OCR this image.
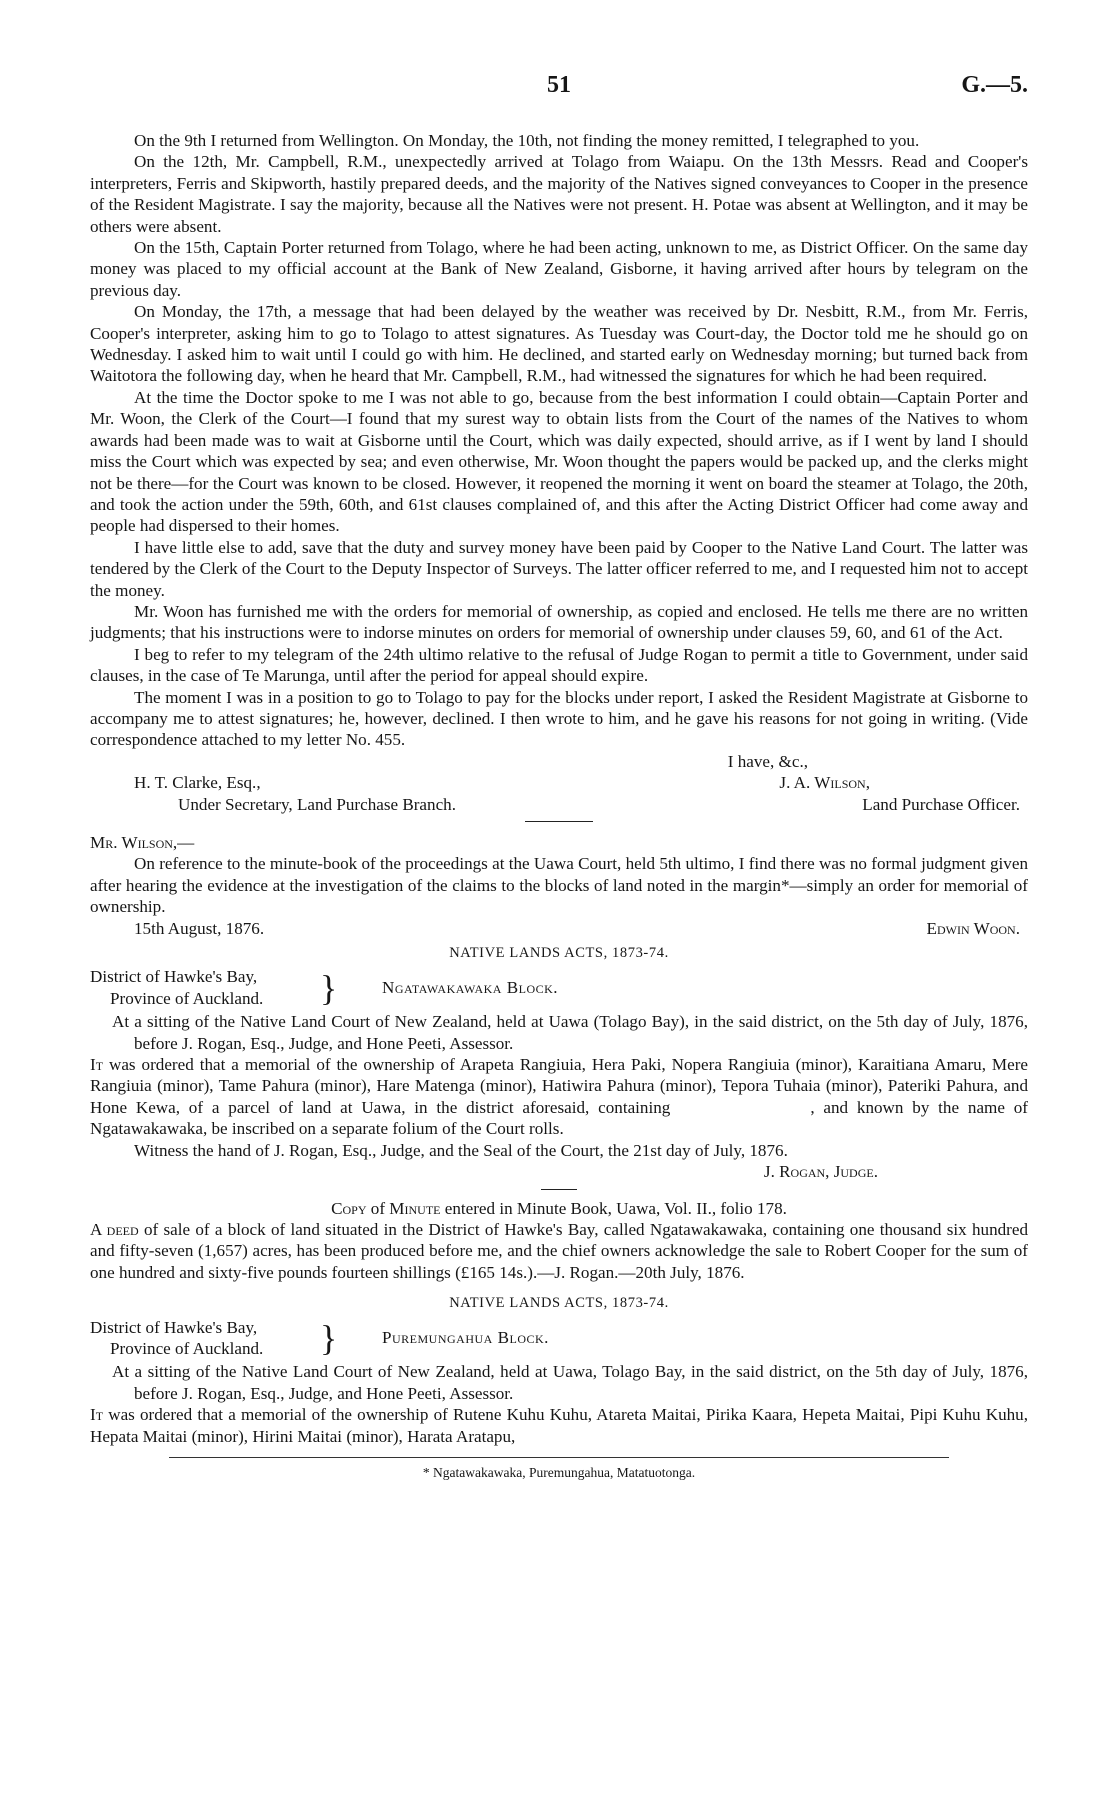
51	G.—5.

On the 9th I returned from Wellington. On Monday, the 10th, not finding the money remitted, I telegraphed to you.

On the 12th, Mr. Campbell, R.M., unexpectedly arrived at Tolago from Waiapu. On the 13th Messrs. Read and Cooper's interpreters, Ferris and Skipworth, hastily prepared deeds, and the majority of the Natives signed conveyances to Cooper in the presence of the Resident Magistrate. I say the majority, because all the Natives were not present. H. Potae was absent at Wellington, and it may be others were absent.

On the 15th, Captain Porter returned from Tolago, where he had been acting, unknown to me, as District Officer. On the same day money was placed to my official account at the Bank of New Zealand, Gisborne, it having arrived after hours by telegram on the previous day.

On Monday, the 17th, a message that had been delayed by the weather was received by Dr. Nesbitt, R.M., from Mr. Ferris, Cooper's interpreter, asking him to go to Tolago to attest signatures. As Tuesday was Court-day, the Doctor told me he should go on Wednesday. I asked him to wait until I could go with him. He declined, and started early on Wednesday morning; but turned back from Waitotora the following day, when he heard that Mr. Campbell, R.M., had witnessed the signatures for which he had been required.

At the time the Doctor spoke to me I was not able to go, because from the best information I could obtain—Captain Porter and Mr. Woon, the Clerk of the Court—I found that my surest way to obtain lists from the Court of the names of the Natives to whom awards had been made was to wait at Gisborne until the Court, which was daily expected, should arrive, as if I went by land I should miss the Court which was expected by sea; and even otherwise, Mr. Woon thought the papers would be packed up, and the clerks might not be there—for the Court was known to be closed. However, it reopened the morning it went on board the steamer at Tolago, the 20th, and took the action under the 59th, 60th, and 61st clauses complained of, and this after the Acting District Officer had come away and people had dispersed to their homes.

I have little else to add, save that the duty and survey money have been paid by Cooper to the Native Land Court. The latter was tendered by the Clerk of the Court to the Deputy Inspector of Surveys. The latter officer referred to me, and I requested him not to accept the money.

Mr. Woon has furnished me with the orders for memorial of ownership, as copied and enclosed. He tells me there are no written judgments; that his instructions were to indorse minutes on orders for memorial of ownership under clauses 59, 60, and 61 of the Act.

I beg to refer to my telegram of the 24th ultimo relative to the refusal of Judge Rogan to permit a title to Government, under said clauses, in the case of Te Marunga, until after the period for appeal should expire.

The moment I was in a position to go to Tolago to pay for the blocks under report, I asked the Resident Magistrate at Gisborne to accompany me to attest signatures; he, however, declined. I then wrote to him, and he gave his reasons for not going in writing. (Vide correspondence attached to my letter No. 455.

I have, &c.,
H. T. Clarke, Esq.,	J. A. Wilson,
Under Secretary, Land Purchase Branch.	Land Purchase Officer.

Mr. Wilson,—

On reference to the minute-book of the proceedings at the Uawa Court, held 5th ultimo, I find there was no formal judgment given after hearing the evidence at the investigation of the claims to the blocks of land noted in the margin*—simply an order for memorial of ownership.

15th August, 1876.	Edwin Woon.
NATIVE LANDS ACTS, 1873-74.
District of Hawke's Bay,
Province of Auckland.	}	Ngatawakawaka Block.

At a sitting of the Native Land Court of New Zealand, held at Uawa (Tolago Bay), in the said district, on the 5th day of July, 1876, before J. Rogan, Esq., Judge, and Hone Peeti, Assessor.

It was ordered that a memorial of the ownership of Arapeta Rangiuia, Hera Paki, Nopera Rangiuia (minor), Karaitiana Amaru, Mere Rangiuia (minor), Tame Pahura (minor), Hare Matenga (minor), Hatiwira Pahura (minor), Tepora Tuhaia (minor), Pateriki Pahura, and Hone Kewa, of a parcel of land at Uawa, in the district aforesaid, containing	, and known by the name of Ngatawakawaka, be inscribed on a separate folium of the Court rolls.

Witness the hand of J. Rogan, Esq., Judge, and the Seal of the Court, the 21st day of July, 1876.

J. Rogan, Judge.

Copy of Minute entered in Minute Book, Uawa, Vol. II., folio 178.

A deed of sale of a block of land situated in the District of Hawke's Bay, called Ngatawakawaka, containing one thousand six hundred and fifty-seven (1,657) acres, has been produced before me, and the chief owners acknowledge the sale to Robert Cooper for the sum of one hundred and sixty-five pounds fourteen shillings (£165 14s.).—J. Rogan.—20th July, 1876.

NATIVE LANDS ACTS, 1873-74.
District of Hawke's Bay,
Province of Auckland.	}	Puremungahua Block.

At a sitting of the Native Land Court of New Zealand, held at Uawa, Tolago Bay, in the said district, on the 5th day of July, 1876, before J. Rogan, Esq., Judge, and Hone Peeti, Assessor.

It was ordered that a memorial of the ownership of Rutene Kuhu Kuhu, Atareta Maitai, Pirika Kaara, Hepeta Maitai, Pipi Kuhu Kuhu, Hepata Maitai (minor), Hirini Maitai (minor), Harata Aratapu,

* Ngatawakawaka, Puremungahua, Matatuotonga.
